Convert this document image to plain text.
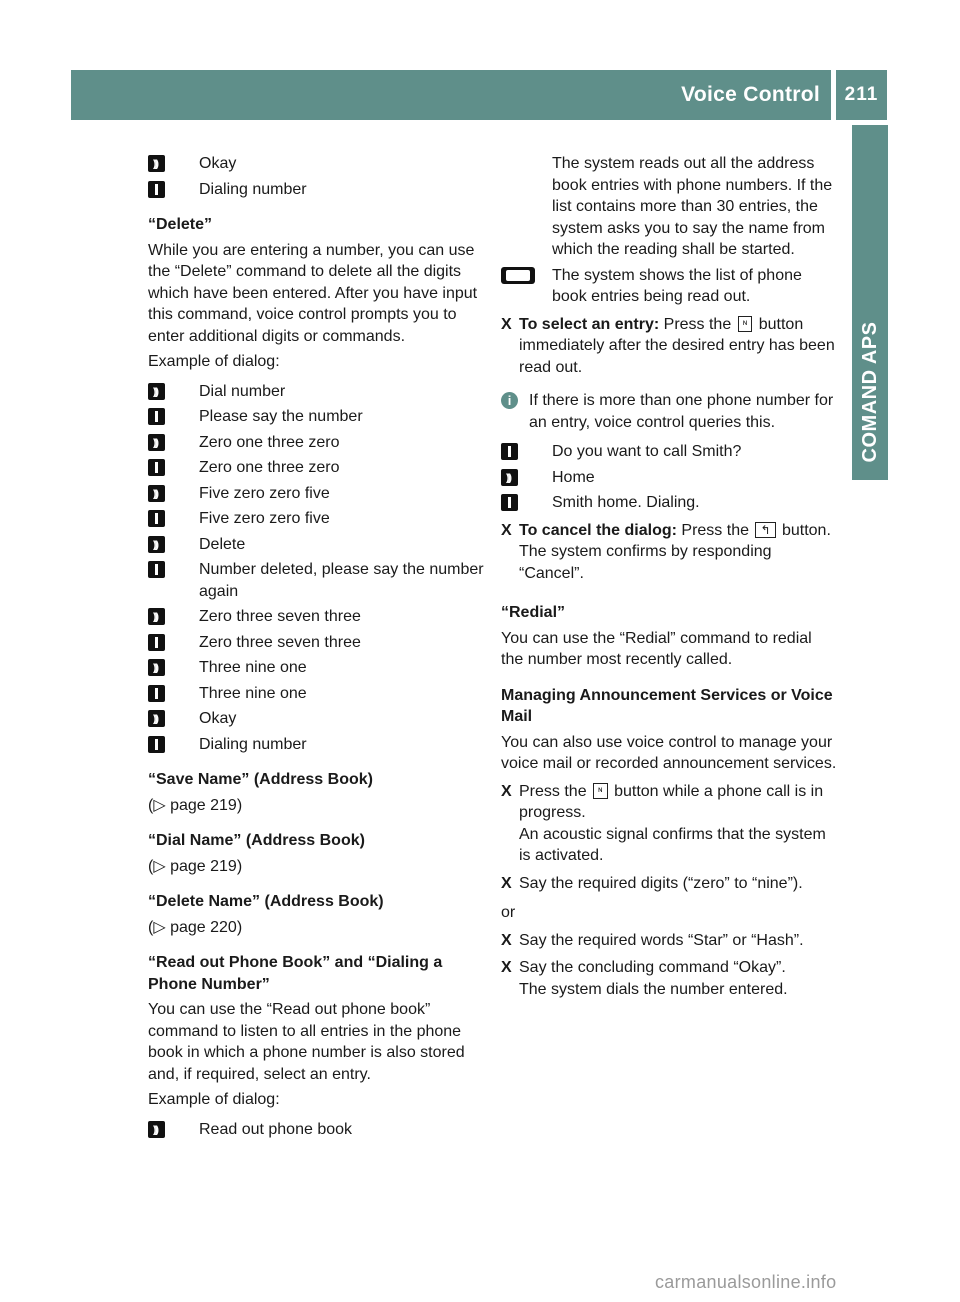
Voice Control	211
COMAND APS
)))
Okay
Dialing number
“Delete”
While you are entering a number, you can use the “Delete” command to delete all the digits which have been entered. After you have input this command, voice control prompts you to enter additional digits or commands.
Example of dialog:
)))
Dial number
Please say the number
)))
Zero one three zero
Zero one three zero
)))
Five zero zero five
Five zero zero five
)))
Delete
Number deleted, please say the number again
)))
Zero three seven three
Zero three seven three
)))
Three nine one
Three nine one
)))
Okay
Dialing number
“Save Name” (Address Book)
(▷ page 219)
“Dial Name” (Address Book)
(▷ page 219)
“Delete Name” (Address Book)
(▷ page 220)
“Read out Phone Book” and “Dialing a Phone Number”
You can use the “Read out phone book” command to listen to all entries in the phone book in which a phone number is also stored and, if required, select an entry.
Example of dialog:
)))
Read out phone book
The system reads out all the address book entries with phone numbers. If the list contains more than 30 entries, the system asks you to say the name from which the reading shall be started.
The system shows the list of phone book entries being read out.
X To select an entry: Press the ᶰ button immediately after the desired entry has been read out.
i	If there is more than one phone number for an entry, voice control queries this.
Do you want to call Smith?
)))
Home
Smith home. Dialing.
X To cancel the dialog: Press the ↰ button.
The system confirms by responding “Cancel”.
“Redial”
You can use the “Redial” command to redial the number most recently called.
Managing Announcement Services or Voice Mail
You can also use voice control to manage your voice mail or recorded announcement services.
X Press the ᶰ button while a phone call is in progress.
An acoustic signal confirms that the system is activated.
X Say the required digits (“zero” to “nine”).
or
X Say the required words “Star” or “Hash”.
X Say the concluding command “Okay”.
The system dials the number entered.
carmanualsonline.info
